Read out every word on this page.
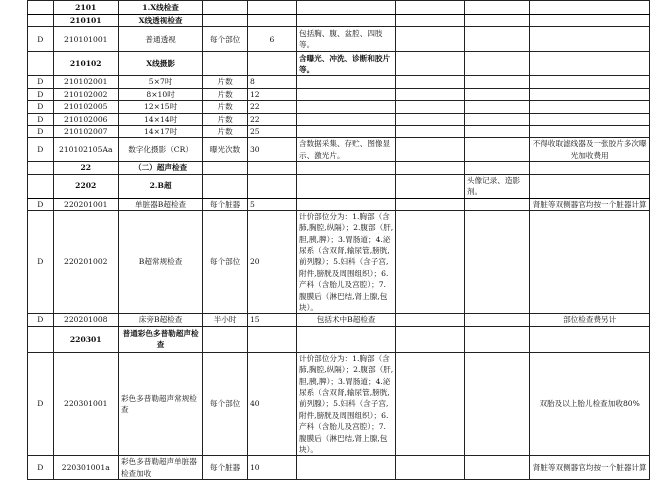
	2101	1.X线检查						
	210101	X线透视检查						
D	210101001	普通透视	每个部位	6	包括胸、腹、盆腔、四肢等。			
	210102	X线摄影			含曝光、冲洗、诊断和胶片等。			
D	210102001	5×7吋	片数	8				
D	210102002	8×10吋	片数	12				
D	210102005	12×15吋	片数	22				
D	210102006	14×14吋	片数	22				
D	210102007	14×17吋	片数	25				
D	210102105Aa	数字化摄影（CR）	曝光次数	30	含数据采集、存贮、图像显示、激光片。			不得收取滤线器及一张胶片多次曝光加收费用
	22	（二）超声检查						
	2202	2.B超					头像记录、造影剂。	
D	220201001	单脏器B超检查	每个脏器	5				肾脏等双侧器官均按一个脏器计算
D	220201002	B超常规检查	每个部位	20	计价部位分为：1.胸部（含肺,胸腔,纵隔）；2.腹部（肝,胆,胰,脾）；3.胃肠道；4.泌尿系（含双肾,输尿管,膀胱,前列腺）；5.妇科（含子宫,附件,膀胱及周围组织）；6.产科（含胎儿及宫腔）；7.腹膜后（淋巴结,肾上腺,包块）。			
D	220201008	床旁B超检查	半小时	15	包括术中B超检查			部位检查费另计
	220301	普通彩色多普勒超声检查						
D	220301001	彩色多普勒超声常规检查	每个部位	40	计价部位分为：1.胸部（含肺,胸腔,纵隔）；2.腹部（肝,胆,胰,脾）；3.胃肠道；4.泌尿系（含双肾,输尿管,膀胱,前列腺）；5.妇科（含子宫,附件,膀胱及周围组织）；6.产科（含胎儿及宫腔）；7.腹膜后（淋巴结,肾上腺,包块）。			双胎及以上胎儿检查加收80%
D	220301001a	彩色多普勒超声单脏器检查加收	每个脏器	10				肾脏等双侧器官均按一个脏器计算
